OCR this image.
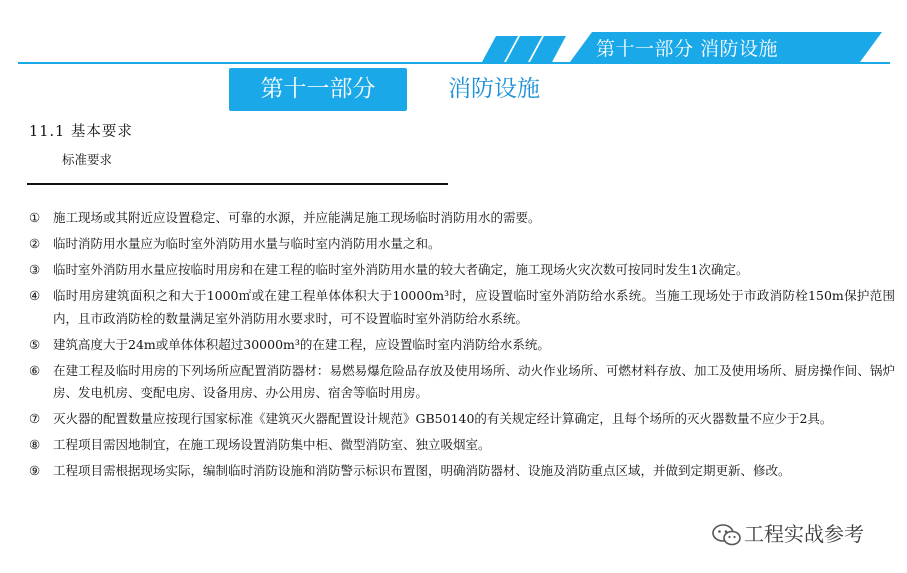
第十一部分 消防设施
第十一部分	消防设施
11.1 基本要求
标准要求
①	施工现场或其附近应设置稳定、可靠的水源，并应能满足施工现场临时消防用水的需要。
②	临时消防用水量应为临时室外消防用水量与临时室内消防用水量之和。
③	临时室外消防用水量应按临时用房和在建工程的临时室外消防用水量的较大者确定，施工现场火灾次数可按同时发生1次确定。
④	临时用房建筑面积之和大于1000㎡或在建工程单体体积大于10000m³时，应设置临时室外消防给水系统。当施工现场处于市政消防栓150m保护范围内，且市政消防栓的数量满足室外消防用水要求时，可不设置临时室外消防给水系统。
⑤	建筑高度大于24m或单体体积超过30000m³的在建工程，应设置临时室内消防给水系统。
⑥	在建工程及临时用房的下列场所应配置消防器材：易燃易爆危险品存放及使用场所、动火作业场所、可燃材料存放、加工及使用场所、厨房操作间、锅炉房、发电机房、变配电房、设备用房、办公用房、宿舍等临时用房。
⑦	灭火器的配置数量应按现行国家标准《建筑灭火器配置设计规范》GB50140的有关规定经计算确定，且每个场所的灭火器数量不应少于2具。
⑧	工程项目需因地制宜，在施工现场设置消防集中柜、微型消防室、独立吸烟室。
⑨	工程项目需根据现场实际，编制临时消防设施和消防警示标识布置图，明确消防器材、设施及消防重点区域，并做到定期更新、修改。
工程实战参考
